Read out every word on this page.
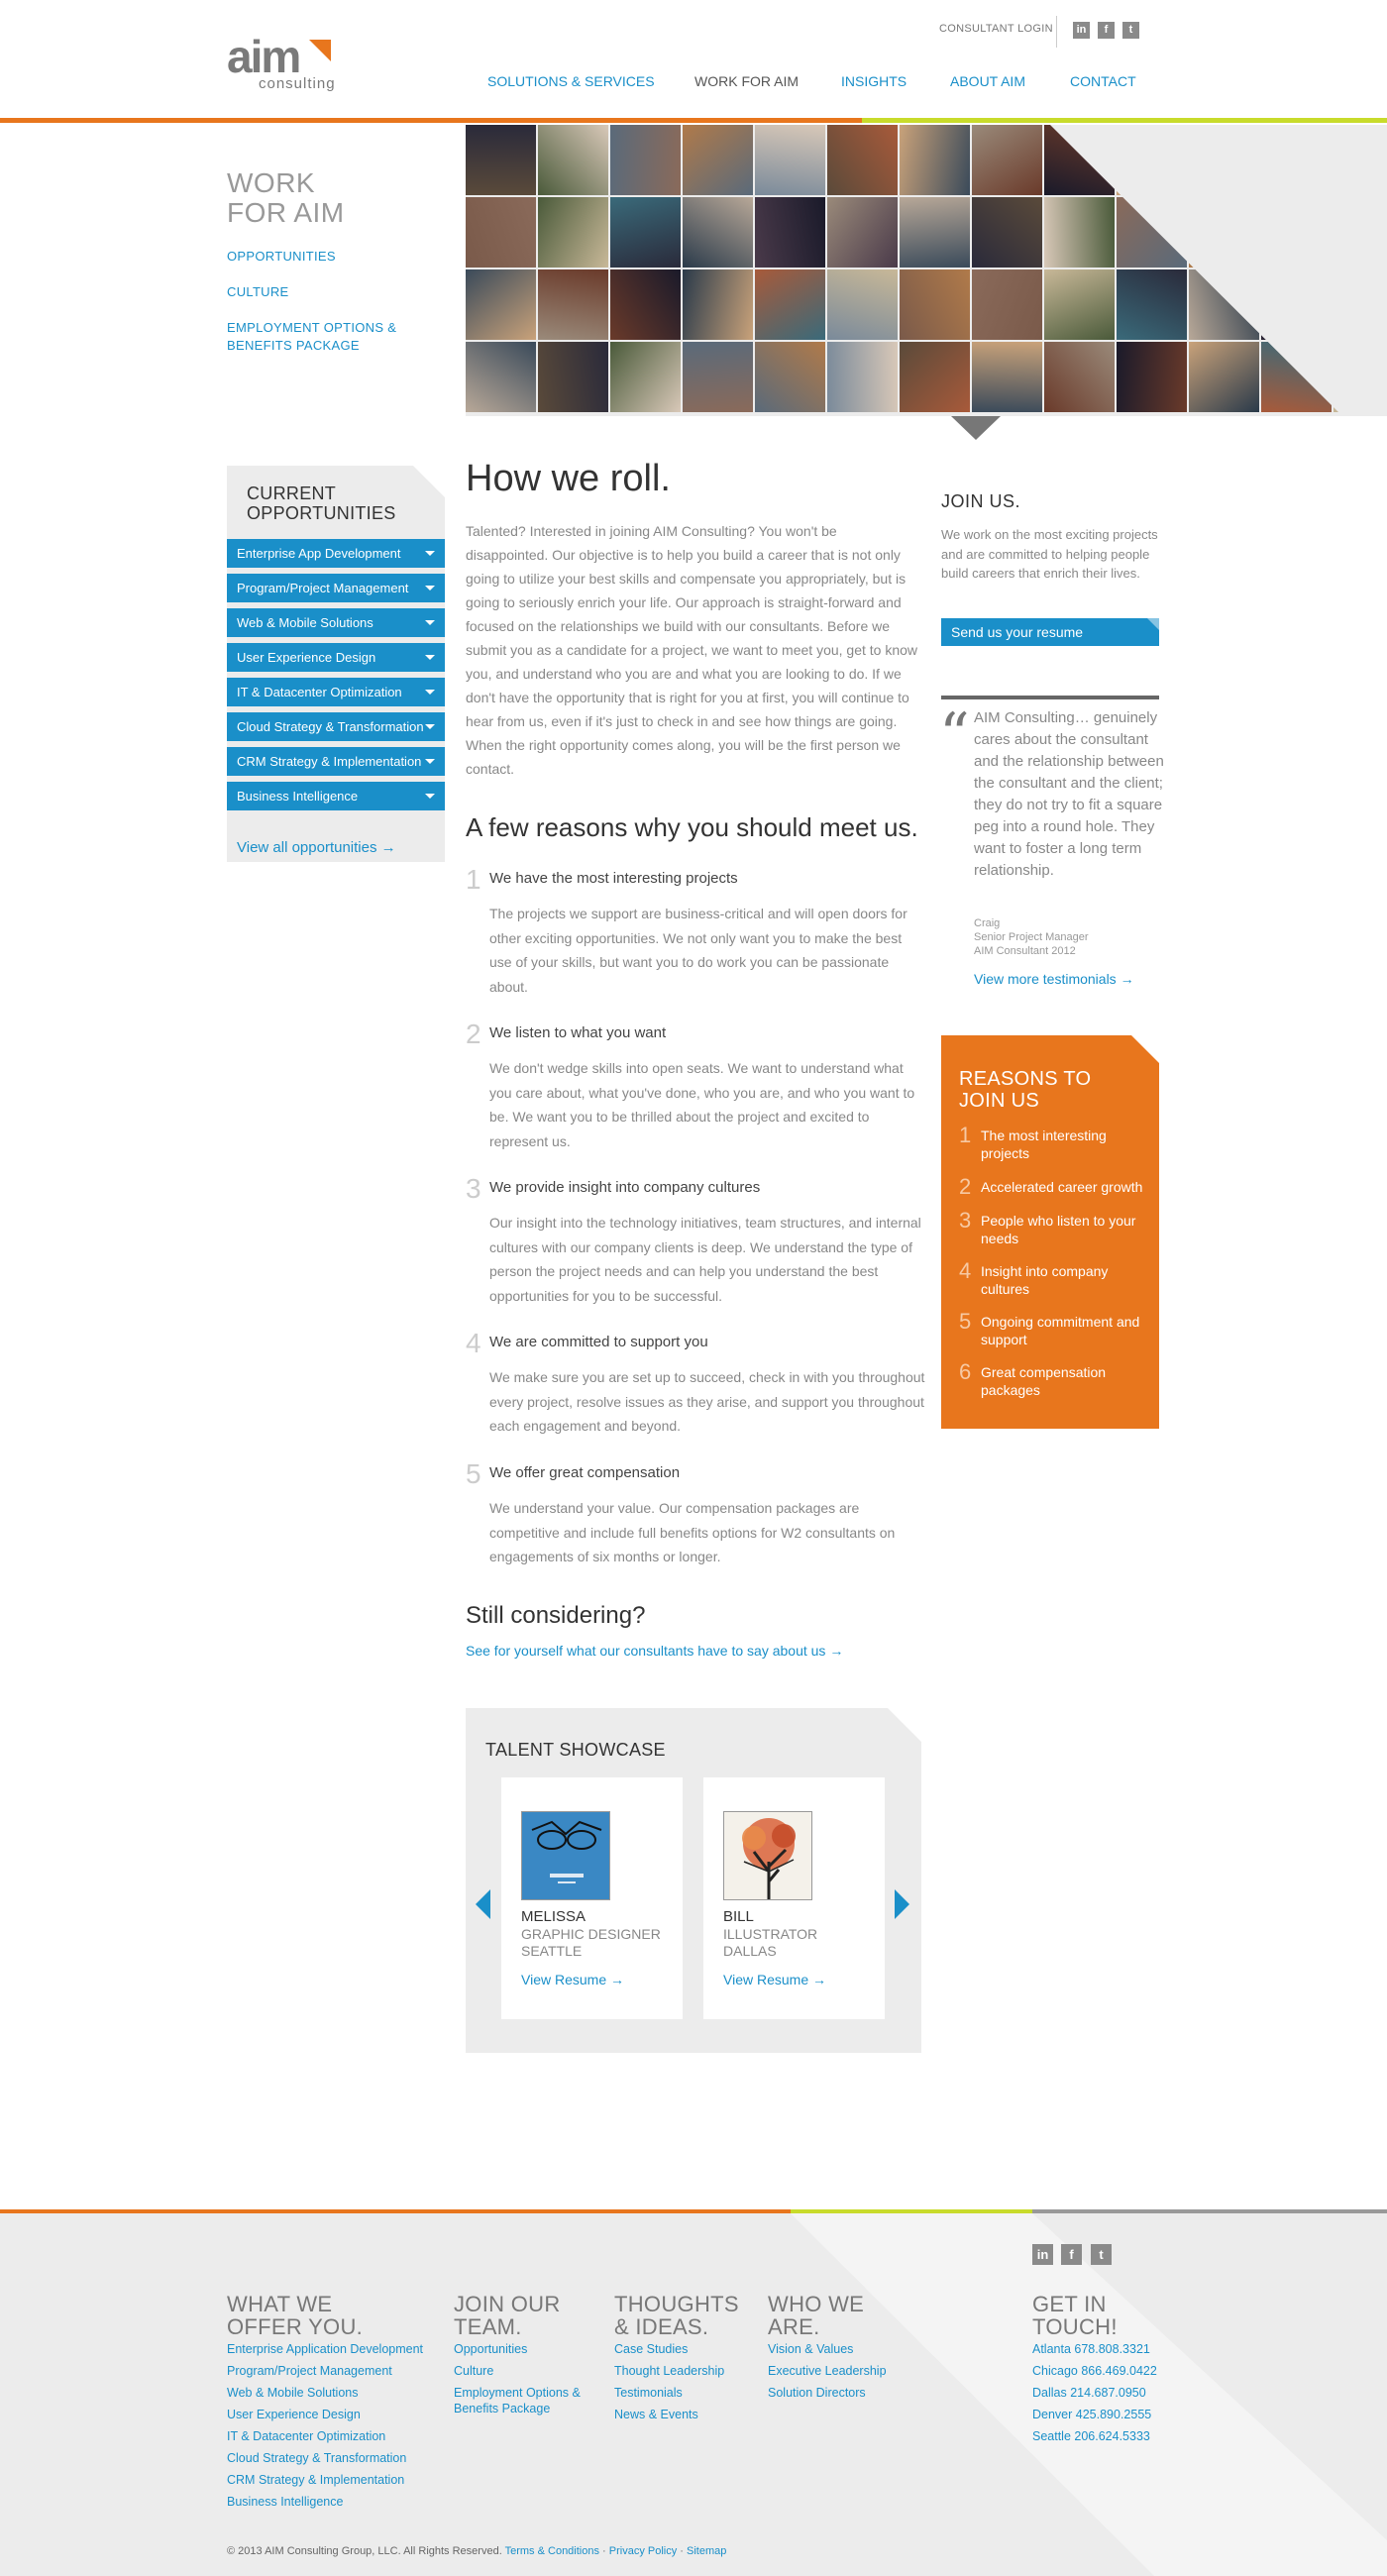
aim
consulting
CONSULTANT LOGIN	in	f	t
SOLUTIONS & SERVICES	WORK FOR AIM	INSIGHTS	ABOUT AIM	CONTACT
WORK
FOR AIM
OPPORTUNITIES
CULTURE
EMPLOYMENT OPTIONS &
BENEFITS PACKAGE
CURRENT
OPPORTUNITIES
Enterprise App Development
Program/Project Management
Web & Mobile Solutions
User Experience Design
IT & Datacenter Optimization
Cloud Strategy & Transformation
CRM Strategy & Implementation
Business Intelligence
View all opportunities →
How we roll.

Talented? Interested in joining AIM Consulting? You won't be disappointed. Our objective is to help you build a career that is not only going to utilize your best skills and compensate you appropriately, but is going to seriously enrich your life. Our approach is straight-forward and focused on the relationships we build with our consultants. Before we submit you as a candidate for a project, we want to meet you, get to know you, and understand who you are and what you are looking to do. If we don't have the opportunity that is right for you at first, you will continue to hear from us, even if it's just to check in and see how things are going. When the right opportunity comes along, you will be the first person we contact.

A few reasons why you should meet us.
1 We have the most interesting projects
The projects we support are business-critical and will open doors for other exciting opportunities. We not only want you to make the best use of your skills, but want you to do work you can be passionate about.
2 We listen to what you want
We don't wedge skills into open seats. We want to understand what you care about, what you've done, who you are, and who you want to be. We want you to be thrilled about the project and excited to represent us.
3 We provide insight into company cultures
Our insight into the technology initiatives, team structures, and internal cultures with our company clients is deep. We understand the type of person the project needs and can help you understand the best opportunities for you to be successful.
4 We are committed to support you
We make sure you are set up to succeed, check in with you throughout every project, resolve issues as they arise, and support you throughout each engagement and beyond.
5 We offer great compensation
We understand your value. Our compensation packages are competitive and include full benefits options for W2 consultants on engagements of six months or longer.
Still considering?
See for yourself what our consultants have to say about us →
TALENT SHOWCASE
MELISSA
GRAPHIC DESIGNER
SEATTLE
View Resume →
BILL
ILLUSTRATOR
DALLAS
View Resume →
JOIN US.

We work on the most exciting projects and are committed to helping people build careers that enrich their lives.

Send us your resume
“ AIM Consulting… genuinely cares about the consultant and the relationship between the consultant and the client; they do not try to fit a square peg into a round hole. They want to foster a long term relationship.

Craig
Senior Project Manager
AIM Consultant 2012
View more testimonials →
REASONS TO
JOIN US
1 The most interesting projects
2 Accelerated career growth
3 People who listen to your needs
4 Insight into company cultures
5 Ongoing commitment and support
6 Great compensation packages
in	f	t
WHAT WE
OFFER YOU.
JOIN OUR
TEAM.
THOUGHTS
& IDEAS.
WHO WE
ARE.
GET IN
TOUCH!
Enterprise Application Development
Program/Project Management
Web & Mobile Solutions
User Experience Design
IT & Datacenter Optimization
Cloud Strategy & Transformation
CRM Strategy & Implementation
Business Intelligence
Opportunities
Culture
Employment Options &
Benefits Package
Case Studies
Thought Leadership
Testimonials
News & Events
Vision & Values
Executive Leadership
Solution Directors
Atlanta 678.808.3321
Chicago 866.469.0422
Dallas 214.687.0950
Denver 425.890.2555
Seattle 206.624.5333
© 2013 AIM Consulting Group, LLC. All Rights Reserved. Terms & Conditions · Privacy Policy · Sitemap
